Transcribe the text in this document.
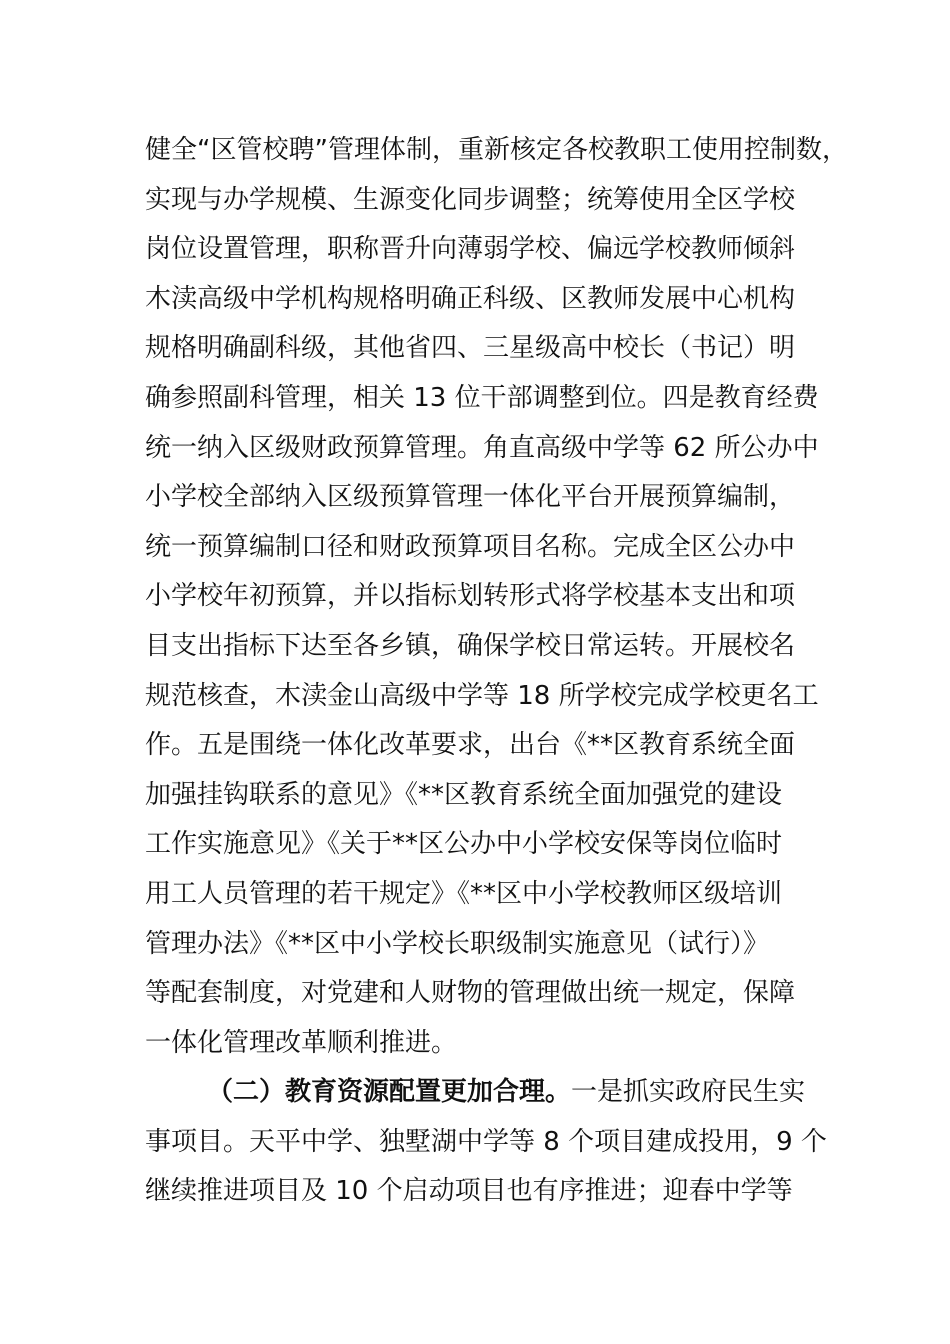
健全“区管校聘”管理体制，重新核定各校教职工使用控制数，
实现与办学规模、生源变化同步调整；统筹使用全区学校
岗位设置管理，职称晋升向薄弱学校、偏远学校教师倾斜
木渎高级中学机构规格明确正科级、区教师发展中心机构
规格明确副科级，其他省四、三星级高中校长（书记）明
确参照副科管理，相关 13 位干部调整到位。四是教育经费
统一纳入区级财政预算管理。角直高级中学等 62 所公办中
小学校全部纳入区级预算管理一体化平台开展预算编制，
统一预算编制口径和财政预算项目名称。完成全区公办中
小学校年初预算，并以指标划转形式将学校基本支出和项
目支出指标下达至各乡镇，确保学校日常运转。开展校名
规范核查，木渎金山高级中学等 18 所学校完成学校更名工
作。五是围绕一体化改革要求，出台《**区教育系统全面
加强挂钩联系的意见》《**区教育系统全面加强党的建设
工作实施意见》《关于**区公办中小学校安保等岗位临时
用工人员管理的若干规定》《**区中小学校教师区级培训
管理办法》《**区中小学校长职级制实施意见（试行）》
等配套制度，对党建和人财物的管理做出统一规定，保障
一体化管理改革顺利推进。
（二）教育资源配置更加合理。一是抓实政府民生实
事项目。天平中学、独墅湖中学等 8 个项目建成投用，9 个
继续推进项目及 10 个启动项目也有序推进；迎春中学等
